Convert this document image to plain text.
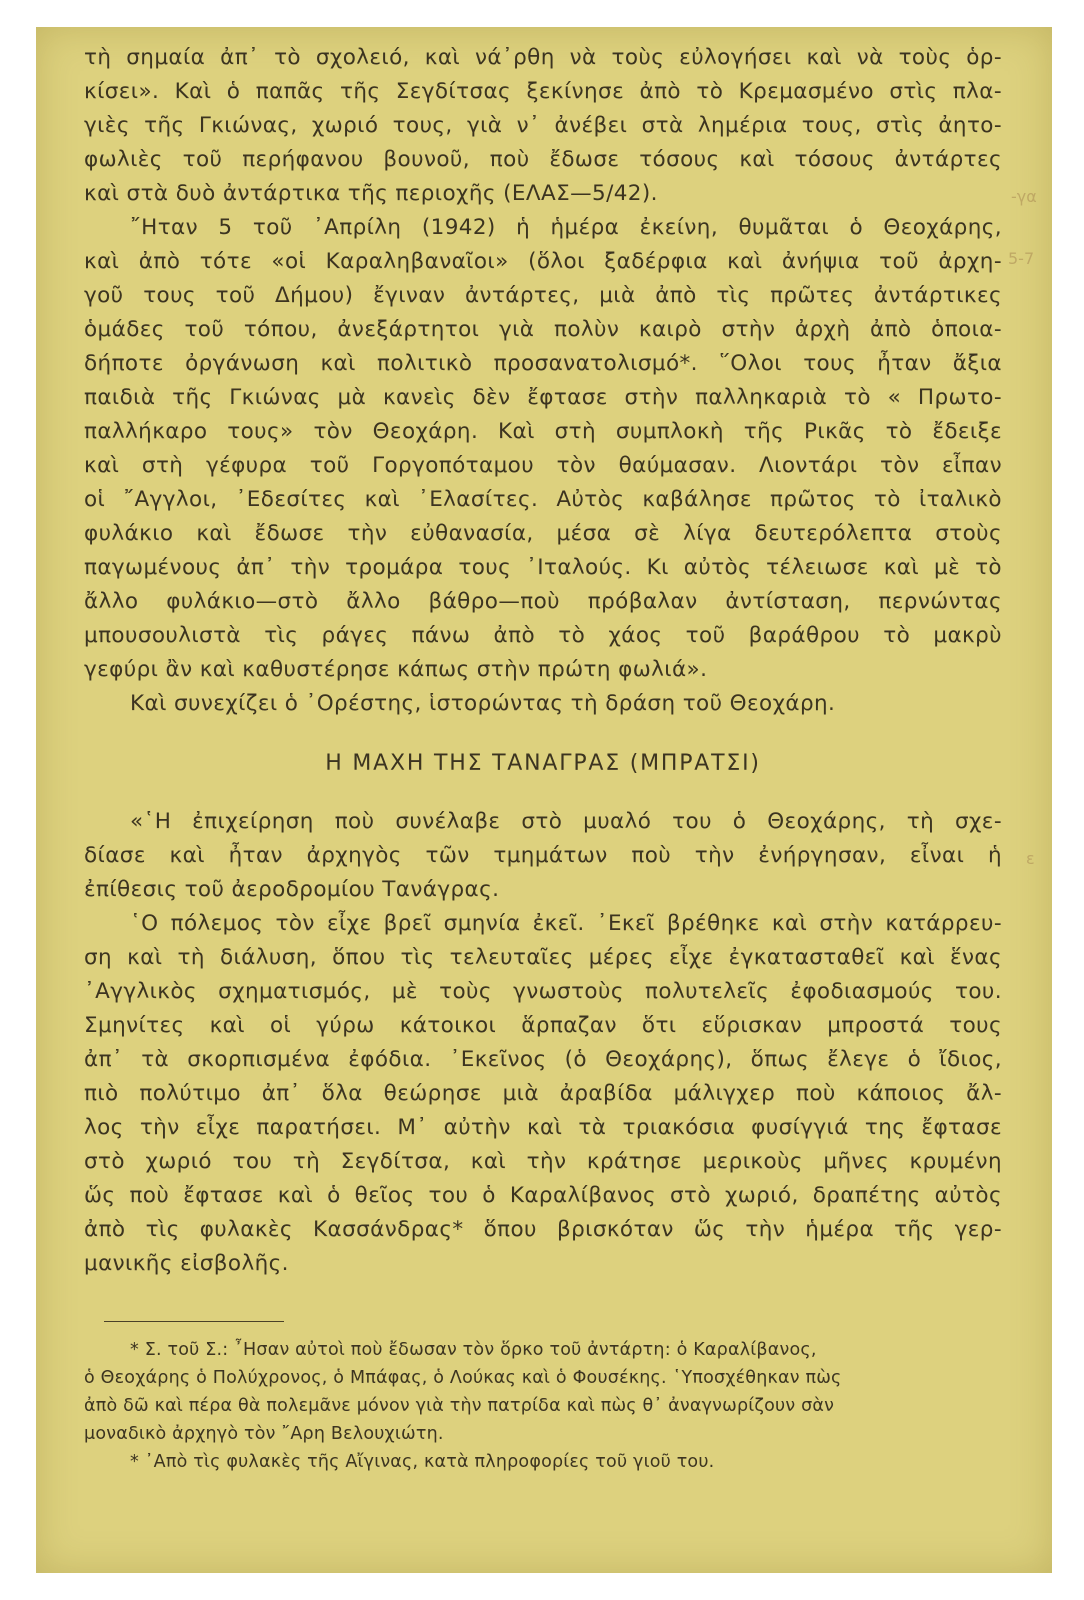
τὴ σημαία ἀπ᾿ τὸ σχολειό, καὶ νά᾿ρθη νὰ τοὺς εὐλογήσει καὶ νὰ τοὺς ὁρ-
κίσει». Καὶ ὁ παπᾶς τῆς Σεγδίτσας ξεκίνησε ἀπὸ τὸ Κρεμασμένο στὶς πλα-
γιὲς τῆς Γκιώνας, χωριό τους, γιὰ ν᾿ ἀνέβει στὰ λημέρια τους, στὶς ἀητο-
φωλιὲς τοῦ περήφανου βουνοῦ, ποὺ ἔδωσε τόσους καὶ τόσους ἀντάρτες
καὶ στὰ δυὸ ἀντάρτικα τῆς περιοχῆς (ΕΛΑΣ—5/42).
῎Ηταν 5 τοῦ ᾿Απρίλη (1942) ἡ ἡμέρα ἐκείνη, θυμᾶται ὁ Θεοχάρης,
καὶ ἀπὸ τότε «οἱ Καραληβαναῖοι» (ὅλοι ξαδέρφια καὶ ἀνήψια τοῦ ἀρχη-
γοῦ τους τοῦ Δήμου) ἔγιναν ἀντάρτες, μιὰ ἀπὸ τὶς πρῶτες ἀντάρτικες
ὁμάδες τοῦ τόπου, ἀνεξάρτητοι γιὰ πολὺν καιρὸ στὴν ἀρχὴ ἀπὸ ὁποια-
δήποτε ὀργάνωση καὶ πολιτικὸ προσανατολισμό*. ῞Ολοι τους ἦταν ἄξια
παιδιὰ τῆς Γκιώνας μὰ κανεὶς δὲν ἔφτασε στὴν παλληκαριὰ τὸ « Πρωτο-
παλλήκαρο τους» τὸν Θεοχάρη. Καὶ στὴ συμπλοκὴ τῆς Ρικᾶς τὸ ἔδειξε
καὶ στὴ γέφυρα τοῦ Γοργοπόταμου τὸν θαύμασαν. Λιοντάρι τὸν εἶπαν
οἱ ῎Αγγλοι, ᾿Εδεσίτες καὶ ᾿Ελασίτες. Αὐτὸς καβάλησε πρῶτος τὸ ἰταλικὸ
φυλάκιο καὶ ἔδωσε τὴν εὐθανασία, μέσα σὲ λίγα δευτερόλεπτα στοὺς
παγωμένους ἀπ᾿ τὴν τρομάρα τους ᾿Ιταλούς. Κι αὐτὸς τέλειωσε καὶ μὲ τὸ
ἄλλο φυλάκιο—στὸ ἄλλο βάθρο—ποὺ πρόβαλαν ἀντίσταση, περνώντας
μπουσουλιστὰ τὶς ράγες πάνω ἀπὸ τὸ χάος τοῦ βαράθρου τὸ μακρὺ
γεφύρι ἂν καὶ καθυστέρησε κάπως στὴν πρώτη φωλιά».
Καὶ συνεχίζει ὁ ᾿Ορέστης, ἱστορώντας τὴ δράση τοῦ Θεοχάρη.
Η ΜΑΧΗ ΤΗΣ ΤΑΝΑΓΡΑΣ (ΜΠΡΑΤΣΙ)
«῾Η ἐπιχείρηση ποὺ συνέλαβε στὸ μυαλό του ὁ Θεοχάρης, τὴ σχε-
δίασε καὶ ἦταν ἀρχηγὸς τῶν τμημάτων ποὺ τὴν ἐνήργησαν, εἶναι ἡ
ἐπίθεσις τοῦ ἀεροδρομίου Τανάγρας.
῾Ο πόλεμος τὸν εἶχε βρεῖ σμηνία ἐκεῖ. ᾿Εκεῖ βρέθηκε καὶ στὴν κατάρρευ-
ση καὶ τὴ διάλυση, ὅπου τὶς τελευταῖες μέρες εἶχε ἐγκατασταθεῖ καὶ ἕνας
᾿Αγγλικὸς σχηματισμός, μὲ τοὺς γνωστοὺς πολυτελεῖς ἐφοδιασμούς του.
Σμηνίτες καὶ οἱ γύρω κάτοικοι ἅρπαζαν ὅτι εὕρισκαν μπροστά τους
ἀπ᾿ τὰ σκορπισμένα ἐφόδια. ᾿Εκεῖνος (ὁ Θεοχάρης), ὅπως ἔλεγε ὁ ἴδιος,
πιὸ πολύτιμο ἀπ᾿ ὅλα θεώρησε μιὰ ἀραβίδα μάλιγχερ ποὺ κάποιος ἄλ-
λος τὴν εἶχε παρατήσει. Μ᾿ αὐτὴν καὶ τὰ τριακόσια φυσίγγιά της ἔφτασε
στὸ χωριό του τὴ Σεγδίτσα, καὶ τὴν κράτησε μερικοὺς μῆνες κρυμένη
ὥς ποὺ ἔφτασε καὶ ὁ θεῖος του ὁ Καραλίβανος στὸ χωριό, δραπέτης αὐτὸς
ἀπὸ τὶς φυλακὲς Κασσάνδρας* ὅπου βρισκόταν ὥς τὴν ἡμέρα τῆς γερ-
μανικῆς εἰσβολῆς.
* Σ. τοῦ Σ.: ῏Ησαν αὐτοὶ ποὺ ἔδωσαν τὸν ὅρκο τοῦ ἀντάρτη: ὁ Καραλίβανος,
ὁ Θεοχάρης ὁ Πολύχρονος, ὁ Μπάφας, ὁ Λούκας καὶ ὁ Φουσέκης. ῾Υποσχέθηκαν πὼς
ἀπὸ δῶ καὶ πέρα θὰ πολεμᾶνε μόνον γιὰ τὴν πατρίδα καὶ πὼς θ᾿ ἀναγνωρίζουν σὰν
μοναδικὸ ἀρχηγὸ τὸν ῎Αρη Βελουχιώτη.
* ᾿Απὸ τὶς φυλακὲς τῆς Αἴγινας, κατὰ πληροφορίες τοῦ γιοῦ του.
-γα
5-7
ε
